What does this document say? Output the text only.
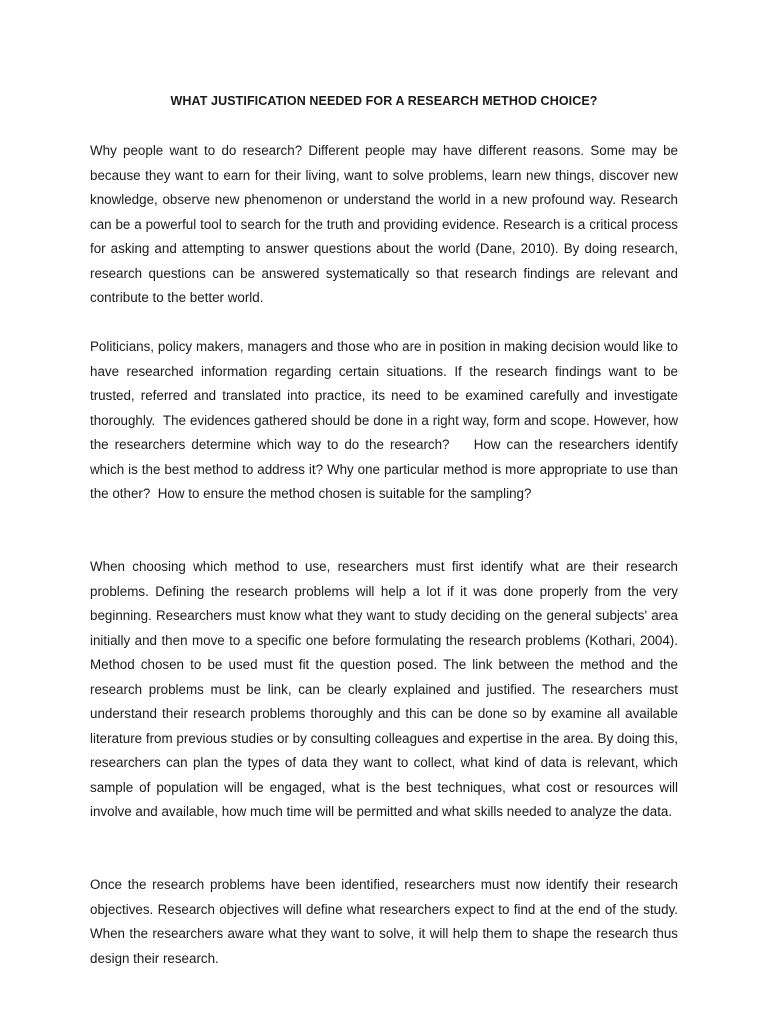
WHAT JUSTIFICATION NEEDED FOR A RESEARCH METHOD CHOICE?

Why people want to do research? Different people may have different reasons. Some may be because they want to earn for their living, want to solve problems, learn new things, discover new knowledge, observe new phenomenon or understand the world in a new profound way. Research can be a powerful tool to search for the truth and providing evidence. Research is a critical process for asking and attempting to answer questions about the world (Dane, 2010). By doing research, research questions can be answered systematically so that research findings are relevant and contribute to the better world.

Politicians, policy makers, managers and those who are in position in making decision would like to have researched information regarding certain situations. If the research findings want to be trusted, referred and translated into practice, its need to be examined carefully and investigate thoroughly.  The evidences gathered should be done in a right way, form and scope. However, how the researchers determine which way to do the research?    How can the researchers identify which is the best method to address it? Why one particular method is more appropriate to use than the other?  How to ensure the method chosen is suitable for the sampling?

When choosing which method to use, researchers must first identify what are their research problems. Defining the research problems will help a lot if it was done properly from the very beginning. Researchers must know what they want to study deciding on the general subjects' area initially and then move to a specific one before formulating the research problems (Kothari, 2004). Method chosen to be used must fit the question posed. The link between the method and the research problems must be link, can be clearly explained and justified. The researchers must understand their research problems thoroughly and this can be done so by examine all available literature from previous studies or by consulting colleagues and expertise in the area. By doing this, researchers can plan the types of data they want to collect, what kind of data is relevant, which sample of population will be engaged, what is the best techniques, what cost or resources will involve and available, how much time will be permitted and what skills needed to analyze the data.

Once the research problems have been identified, researchers must now identify their research objectives. Research objectives will define what researchers expect to find at the end of the study. When the researchers aware what they want to solve, it will help them to shape the research thus design their research.
